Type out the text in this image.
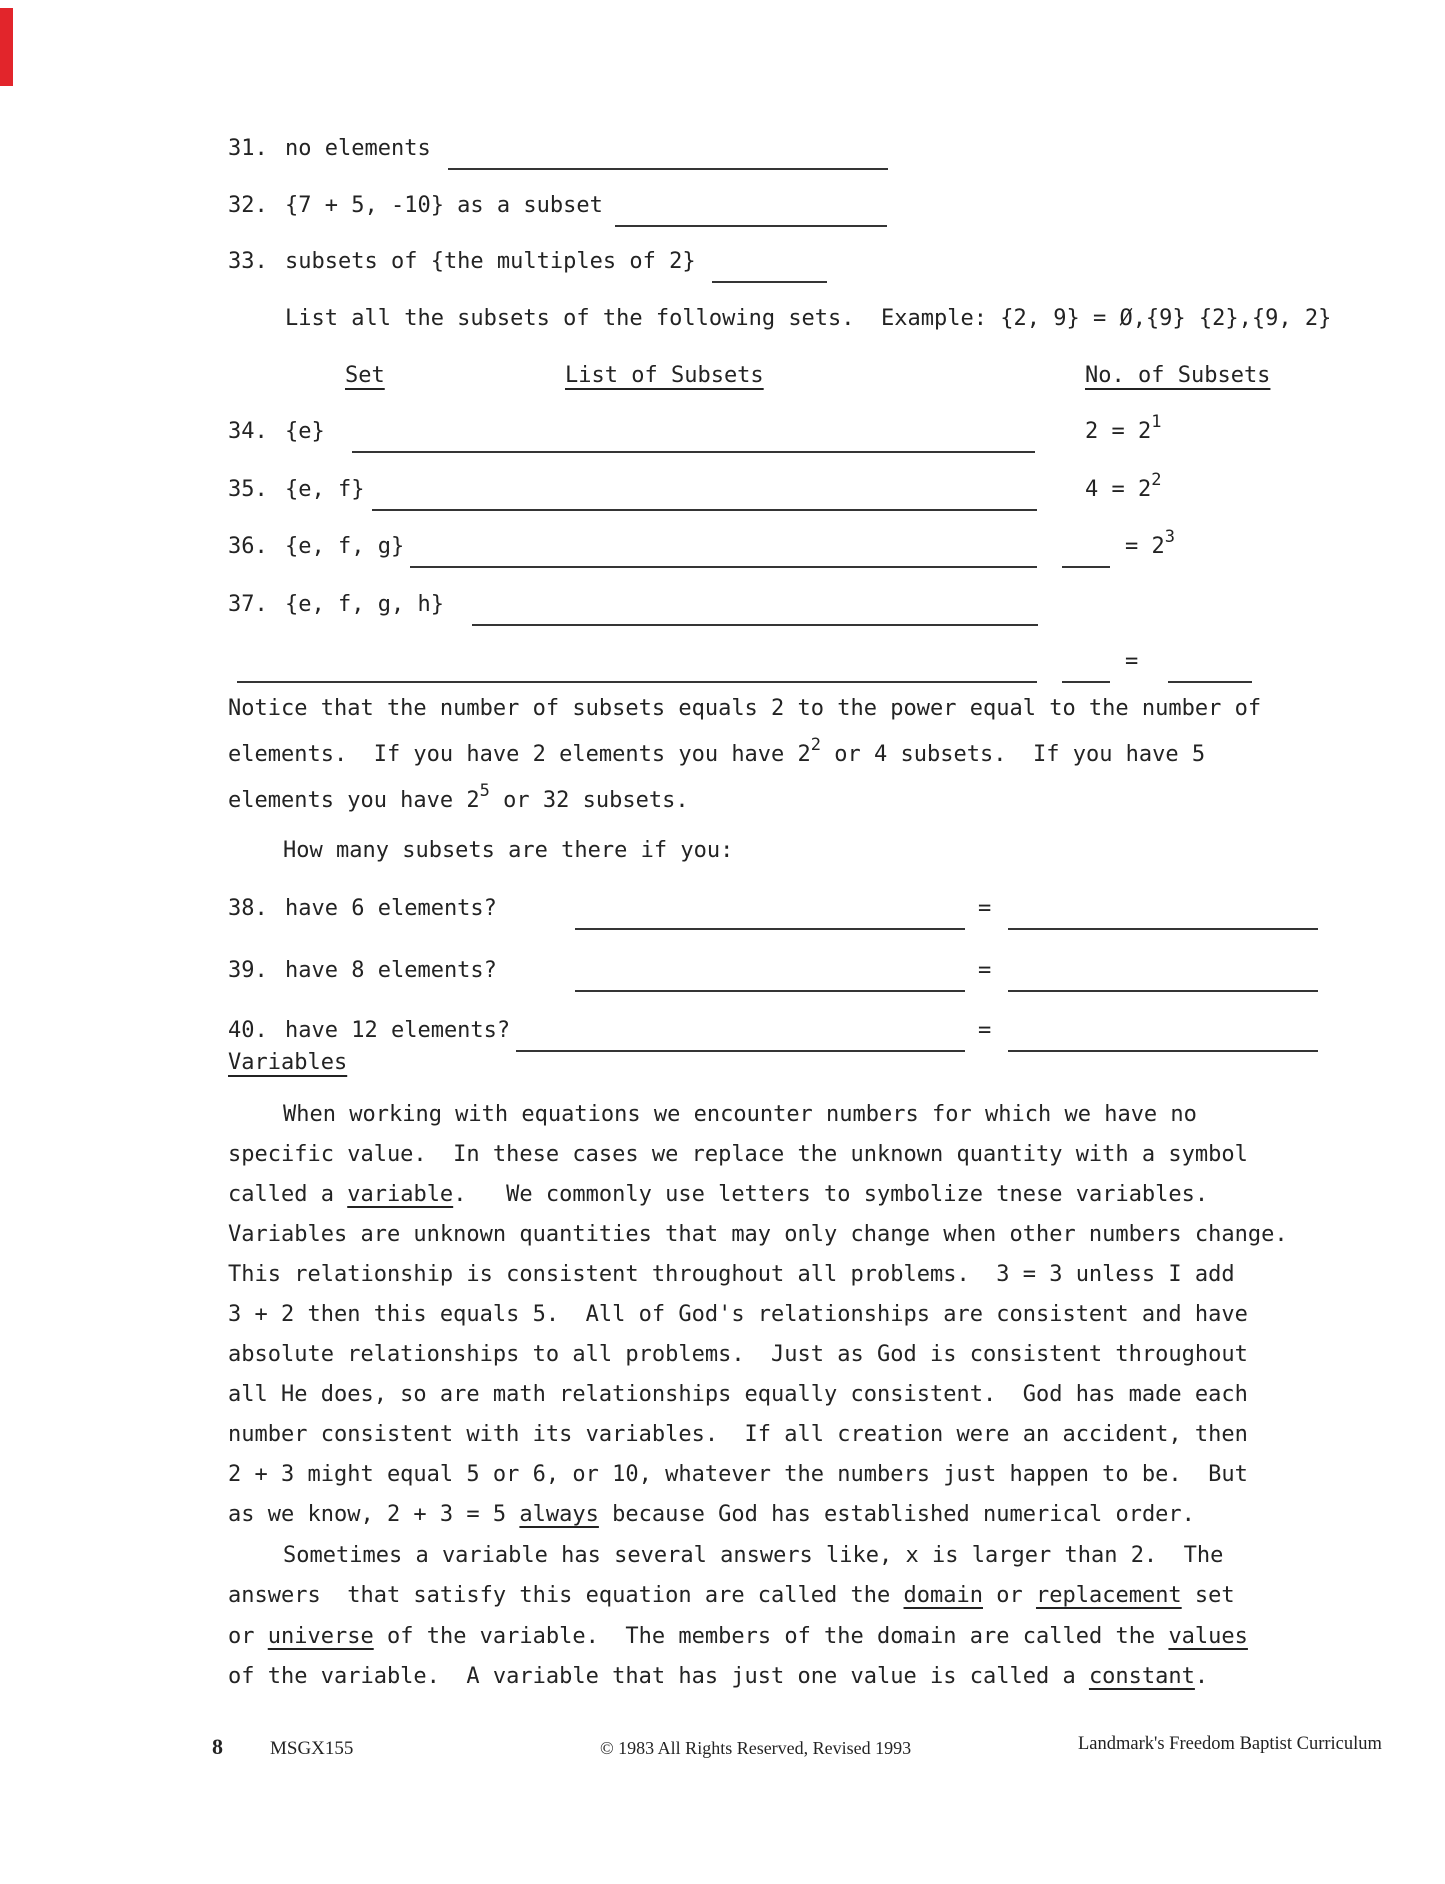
31. no elements
32. {7 + 5, -10} as a subset
33. subsets of {the multiples of 2}
List all the subsets of the following sets.  Example: {2, 9} = Ø,{9} {2},{9, 2}
Set	List of Subsets	No. of Subsets
34. {e}	$2 = 2^1$
35. {e, f}	$4 = 2^2$
36. {e, f, g}	= $2^3$
37. {e, f, g, h}
=
Notice that the number of subsets equals 2 to the power equal to the number of
elements.  If you have 2 elements you have $2^2$ or 4 subsets.  If you have 5
elements you have $2^5$ or 32 subsets.
How many subsets are there if you:
38. have 6 elements?	=
39. have 8 elements?	=
40. have 12 elements?	=
Variables
When working with equations we encounter numbers for which we have no
specific value.  In these cases we replace the unknown quantity with a symbol
called a variable.   We commonly use letters to symbolize tnese variables.
Variables are unknown quantities that may only change when other numbers change.
This relationship is consistent throughout all problems.  3 = 3 unless I add
3 + 2 then this equals 5.  All of God's relationships are consistent and have
absolute relationships to all problems.  Just as God is consistent throughout
all He does, so are math relationships equally consistent.  God has made each
number consistent with its variables.  If all creation were an accident, then
2 + 3 might equal 5 or 6, or 10, whatever the numbers just happen to be.  But
as we know, 2 + 3 = 5 always because God has established numerical order.
Sometimes a variable has several answers like, x is larger than 2.  The
answers  that satisfy this equation are called the domain or replacement set
or universe of the variable.  The members of the domain are called the values
of the variable.  A variable that has just one value is called a constant.
8 MSGX155	© 1983 All Rights Reserved, Revised 1993	Landmark's Freedom Baptist Curriculum
